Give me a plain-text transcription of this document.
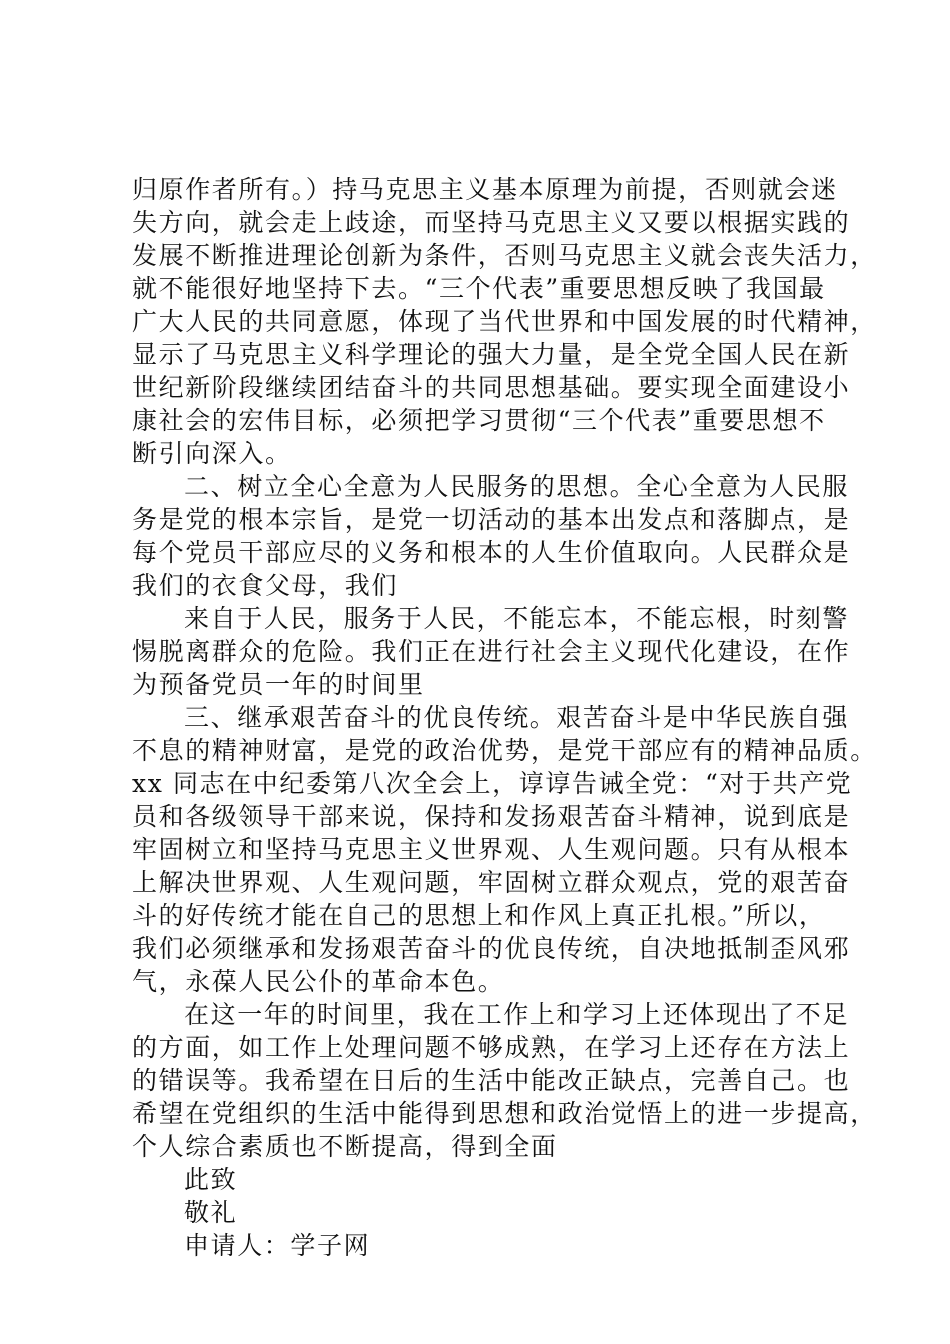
归原作者所有。）持马克思主义基本原理为前提，否则就会迷
失方向，就会走上歧途，而坚持马克思主义又要以根据实践的
发展不断推进理论创新为条件，否则马克思主义就会丧失活力，
就不能很好地坚持下去。“三个代表”重要思想反映了我国最
广大人民的共同意愿，体现了当代世界和中国发展的时代精神，
显示了马克思主义科学理论的强大力量，是全党全国人民在新
世纪新阶段继续团结奋斗的共同思想基础。要实现全面建设小
康社会的宏伟目标，必须把学习贯彻“三个代表”重要思想不
断引向深入。
二、树立全心全意为人民服务的思想。全心全意为人民服
务是党的根本宗旨，是党一切活动的基本出发点和落脚点，是
每个党员干部应尽的义务和根本的人生价值取向。人民群众是
我们的衣食父母，我们
来自于人民，服务于人民，不能忘本，不能忘根，时刻警
惕脱离群众的危险。我们正在进行社会主义现代化建设，在作
为预备党员一年的时间里
三、继承艰苦奋斗的优良传统。艰苦奋斗是中华民族自强
不息的精神财富，是党的政治优势，是党干部应有的精神品质。
xx 同志在中纪委第八次全会上，谆谆告诫全党：“对于共产党
员和各级领导干部来说，保持和发扬艰苦奋斗精神，说到底是
牢固树立和坚持马克思主义世界观、人生观问题。只有从根本
上解决世界观、人生观问题，牢固树立群众观点，党的艰苦奋
斗的好传统才能在自己的思想上和作风上真正扎根。”所以，
我们必须继承和发扬艰苦奋斗的优良传统，自决地抵制歪风邪
气，永葆人民公仆的革命本色。
在这一年的时间里，我在工作上和学习上还体现出了不足
的方面，如工作上处理问题不够成熟，在学习上还存在方法上
的错误等。我希望在日后的生活中能改正缺点，完善自己。也
希望在党组织的生活中能得到思想和政治觉悟上的进一步提高，
个人综合素质也不断提高，得到全面
此致
敬礼
申请人：学子网
